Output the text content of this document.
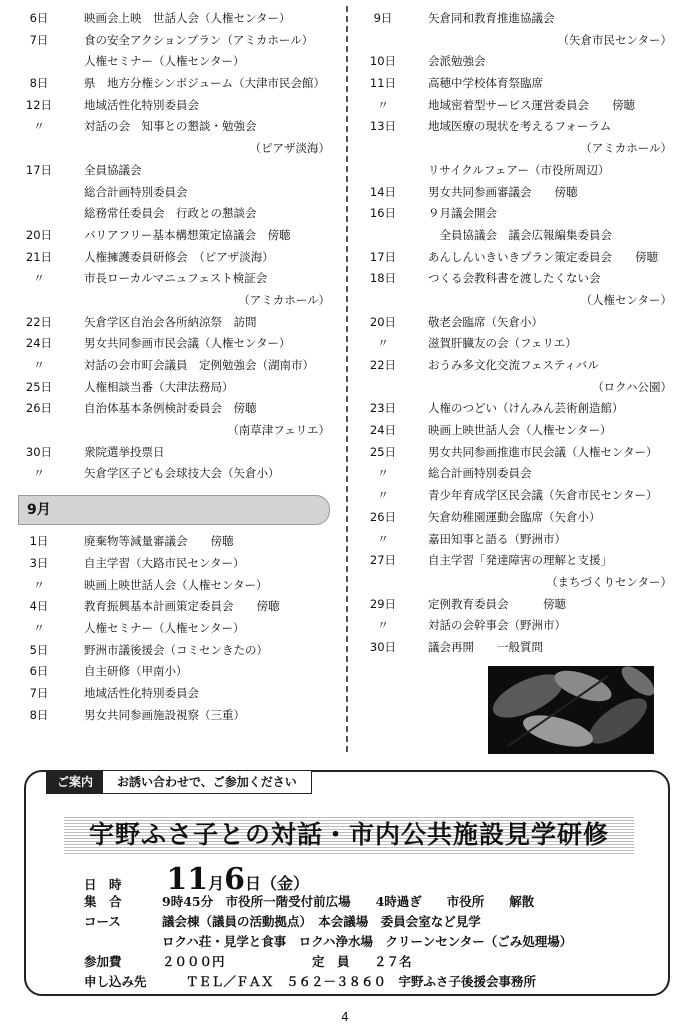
6日	映画会上映　世話人会（人権センター）
7日	食の安全アクションプラン（アミカホール）
人権セミナー（人権センター）
8日	県　地方分権シンポジューム（大津市民会館）
12日	地域活性化特別委員会
〃	対話の会　知事との懇談・勉強会
（ピアザ淡海）
17日	全員協議会
総合計画特別委員会
総務常任委員会　行政との懇談会
20日	バリアフリー基本構想策定協議会　傍聴
21日	人権擁護委員研修会　（ピアザ淡海）
〃	市長ローカルマニュフェスト検証会
（アミカホール）
22日	矢倉学区自治会各所納涼祭　訪問
24日	男女共同参画市民会議（人権センター）
〃	対話の会市町会議員　定例勉強会（湖南市）
25日	人権相談当番（大津法務局）
26日	自治体基本条例検討委員会　傍聴
（南草津フェリエ）
30日	衆院選挙投票日
〃	矢倉学区子ども会球技大会（矢倉小）
9月
1日	廃棄物等減量審議会　　傍聴
3日	自主学習（大路市民センター）
〃	映画上映世話人会（人権センター）
4日	教育振興基本計画策定委員会　　傍聴
〃	人権セミナー（人権センター）
5日	野洲市議後援会（コミセンきたの）
6日	自主研修（甲南小）
7日	地域活性化特別委員会
8日	男女共同参画施設視察（三重）
9日	矢倉同和教育推進協議会
（矢倉市民センター）
10日	会派勉強会
11日	高穂中学校体育祭臨席
〃	地域密着型サービス運営委員会　　傍聴
13日	地域医療の現状を考えるフォーラム
（アミカホール）
リサイクルフェアー（市役所周辺）
14日	男女共同参画審議会　　傍聴
16日	９月議会開会
　全員協議会　議会広報編集委員会
17日	あんしんいきいきプラン策定委員会　　傍聴
18日	つくる会教科書を渡したくない会
（人権センター）
20日	敬老会臨席（矢倉小）
〃	滋賀肝臓友の会（フェリエ）
22日	おうみ多文化交流フェスティバル
（ロクハ公園）
23日	人権のつどい（けんみん芸術創造館）
24日	映画上映世話人会（人権センター）
25日	男女共同参画推進市民会議（人権センター）
〃	総合計画特別委員会
〃	青少年育成学区民会議（矢倉市民センター）
26日	矢倉幼稚園運動会臨席（矢倉小）
〃	嘉田知事と語る（野洲市）
27日	自主学習「発達障害の理解と支援」
（まちづくりセンター）
29日	定例教育委員会　　　傍聴
〃	対話の会幹事会（野洲市）
30日	議会再開　　一般質問
ご案内	お誘い合わせで、ご参加ください
宇野ふさ子との対話・市内公共施設見学研修
日　時 11月6日（金）
集　合	9時45分　市役所一階受付前広場　　4時過ぎ　　市役所　　解散
コース	議会棟（議員の活動拠点）　本会議場　委員会室など見学
ロクハ荘・見学と食事　ロクハ浄水場　クリーンセンター（ごみ処理場）
参加費	２０００円	定　員 ２７名
申し込み先	ＴＥＬ／ＦＡＸ　５６２－３８６０　宇野ふさ子後援会事務所
4
